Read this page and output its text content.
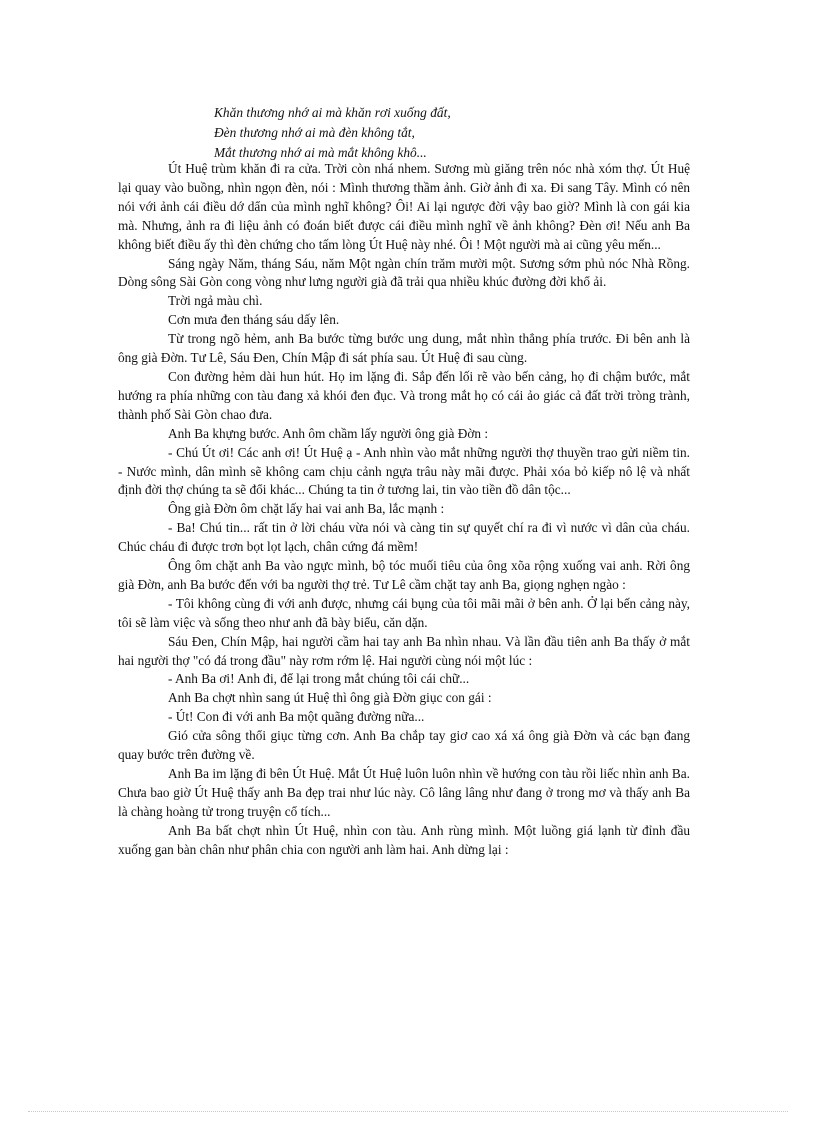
Khăn thương nhớ ai mà khăn rơi xuống đất,
Đèn thương nhớ ai mà đèn không tắt,
Mắt thương nhớ ai mà mắt không khô...

Út Huệ trùm khăn đi ra cửa. Trời còn nhá nhem. Sương mù giăng trên nóc nhà xóm thợ. Út Huệ lại quay vào buồng, nhìn ngọn đèn, nói : Mình thương thầm ảnh. Giờ ảnh đi xa. Đi sang Tây. Mình có nên nói với ảnh cái điều dớ dẩn của mình nghĩ không? Ôi! Ai lại ngược đời vậy bao giờ? Mình là con gái kia mà. Nhưng, ảnh ra đi liệu ảnh có đoán biết được cái điều mình nghĩ về ảnh không? Đèn ơi! Nếu anh Ba không biết điều ấy thì đèn chứng cho tấm lòng Út Huệ này nhé. Ôi ! Một người mà ai cũng yêu mến...

Sáng ngày Năm, tháng Sáu, năm Một ngàn chín trăm mười một. Sương sớm phủ nóc Nhà Rồng. Dòng sông Sài Gòn cong vòng như lưng người già đã trải qua nhiều khúc đường đời khổ ải.

Trời ngả màu chì.

Cơn mưa đen tháng sáu dấy lên.

Từ trong ngõ hẻm, anh Ba bước từng bước ung dung, mắt nhìn thẳng phía trước. Đi bên anh là ông già Đờn. Tư Lê, Sáu Đen, Chín Mập đi sát phía sau. Út Huệ đi sau cùng.

Con đường hẻm dài hun hút. Họ im lặng đi. Sắp đến lối rẽ vào bến cảng, họ đi chậm bước, mắt hướng ra phía những con tàu đang xả khói đen đục. Và trong mắt họ có cái ảo giác cả đất trời tròng trành, thành phố Sài Gòn chao đưa.

Anh Ba khựng bước. Anh ôm chầm lấy người ông già Đờn :

- Chú Út ơi! Các anh ơi! Út Huệ ạ - Anh nhìn vào mắt những người thợ thuyền trao gửi niềm tin. - Nước mình, dân mình sẽ không cam chịu cảnh ngựa trâu này mãi được. Phải xóa bỏ kiếp nô lệ và nhất định đời thợ chúng ta sẽ đổi khác... Chúng ta tin ở tương lai, tin vào tiền đồ dân tộc...

Ông già Đờn ôm chặt lấy hai vai anh Ba, lắc mạnh :

- Ba! Chú tin... rất tin ở lời cháu vừa nói và càng tin sự quyết chí ra đi vì nước vì dân của cháu. Chúc cháu đi được trơn bọt lọt lạch, chân cứng đá mềm!

Ông ôm chặt anh Ba vào ngực mình, bộ tóc muối tiêu của ông xõa rộng xuống vai anh. Rời ông già Đờn, anh Ba bước đến với ba người thợ trẻ. Tư Lê cầm chặt tay anh Ba, giọng nghẹn ngào :

- Tôi không cùng đi với anh được, nhưng cái bụng của tôi mãi mãi ở bên anh. Ở lại bến cảng này, tôi sẽ làm việc và sống theo như anh đã bày biểu, căn dặn.

Sáu Đen, Chín Mập, hai người cầm hai tay anh Ba nhìn nhau. Và lần đầu tiên anh Ba thấy ở mắt hai người thợ "có đá trong đầu" này rơm rớm lệ. Hai người cùng nói một lúc :

- Anh Ba ơi! Anh đi, để lại trong mắt chúng tôi cái chữ...

Anh Ba chợt nhìn sang út Huệ thì ông già Đờn giục con gái :

- Út! Con đi với anh Ba một quãng đường nữa...

Gió cửa sông thổi giục từng cơn. Anh Ba chắp tay giơ cao xá xá ông già Đờn và các bạn đang quay bước trên đường về.

Anh Ba im lặng đi bên Út Huệ. Mắt Út Huệ luôn luôn nhìn về hướng con tàu rồi liếc nhìn anh Ba. Chưa bao giờ Út Huệ thấy anh Ba đẹp trai như lúc này. Cô lâng lâng như đang ở trong mơ và thấy anh Ba là chàng hoàng tử trong truyện cổ tích...

Anh Ba bất chợt nhìn Út Huệ, nhìn con tàu. Anh rùng mình. Một luồng giá lạnh từ đỉnh đầu xuống gan bàn chân như phân chia con người anh làm hai. Anh dừng lại :
